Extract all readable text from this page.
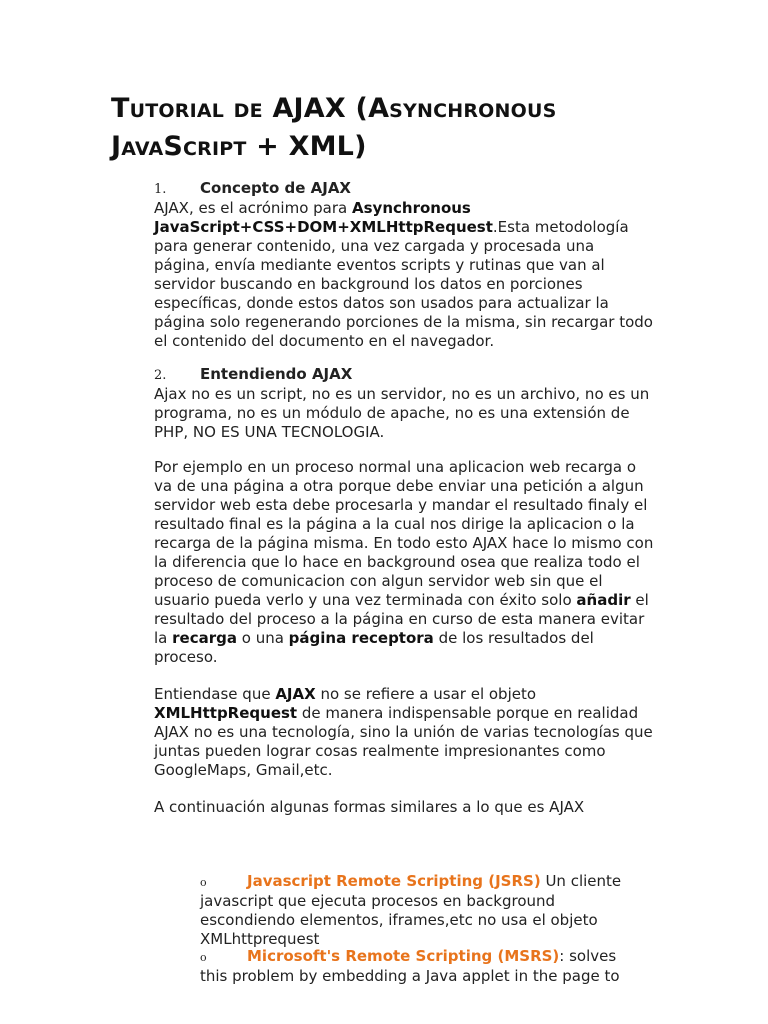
Tutorial de AJAX (Asynchronous
JavaScript + XML)
1. Concepto de AJAX
AJAX, es el acrónimo para Asynchronous JavaScript+CSS+DOM+XMLHttpRequest.Esta metodología para generar contenido, una vez cargada y procesada una página, envía mediante eventos scripts y rutinas que van al servidor buscando en background los datos en porciones específicas, donde estos datos son usados para actualizar la página solo regenerando porciones de la misma, sin recargar todo el contenido del documento en el navegador.
2. Entendiendo AJAX
Ajax no es un script, no es un servidor, no es un archivo, no es un programa, no es un módulo de apache, no es una extensión de PHP, NO ES UNA TECNOLOGIA.
Por ejemplo en un proceso normal una aplicacion web recarga o va de una página a otra porque debe enviar una petición a algun servidor web esta debe procesarla y mandar el resultado finaly el resultado final es la página a la cual nos dirige la aplicacion o la recarga de la página misma. En todo esto AJAX hace lo mismo con la diferencia que lo hace en background osea que realiza todo el proceso de comunicacion con algun servidor web sin que el usuario pueda verlo y una vez terminada con éxito solo añadir el resultado del proceso a la página en curso de esta manera evitar la recarga o una página receptora de los resultados del proceso.
Entiendase que AJAX no se refiere a usar el objeto XMLHttpRequest de manera indispensable porque en realidad AJAX no es una tecnología, sino la unión de varias tecnologías que juntas pueden lograr cosas realmente impresionantes como GoogleMaps, Gmail,etc.
A continuación algunas formas similares a lo que es AJAX
o	Javascript Remote Scripting (JSRS) Un cliente javascript que ejecuta procesos en background escondiendo elementos, iframes,etc no usa el objeto XMLhttprequest
o	Microsoft's Remote Scripting (MSRS): solves this problem by embedding a Java applet in the page to
